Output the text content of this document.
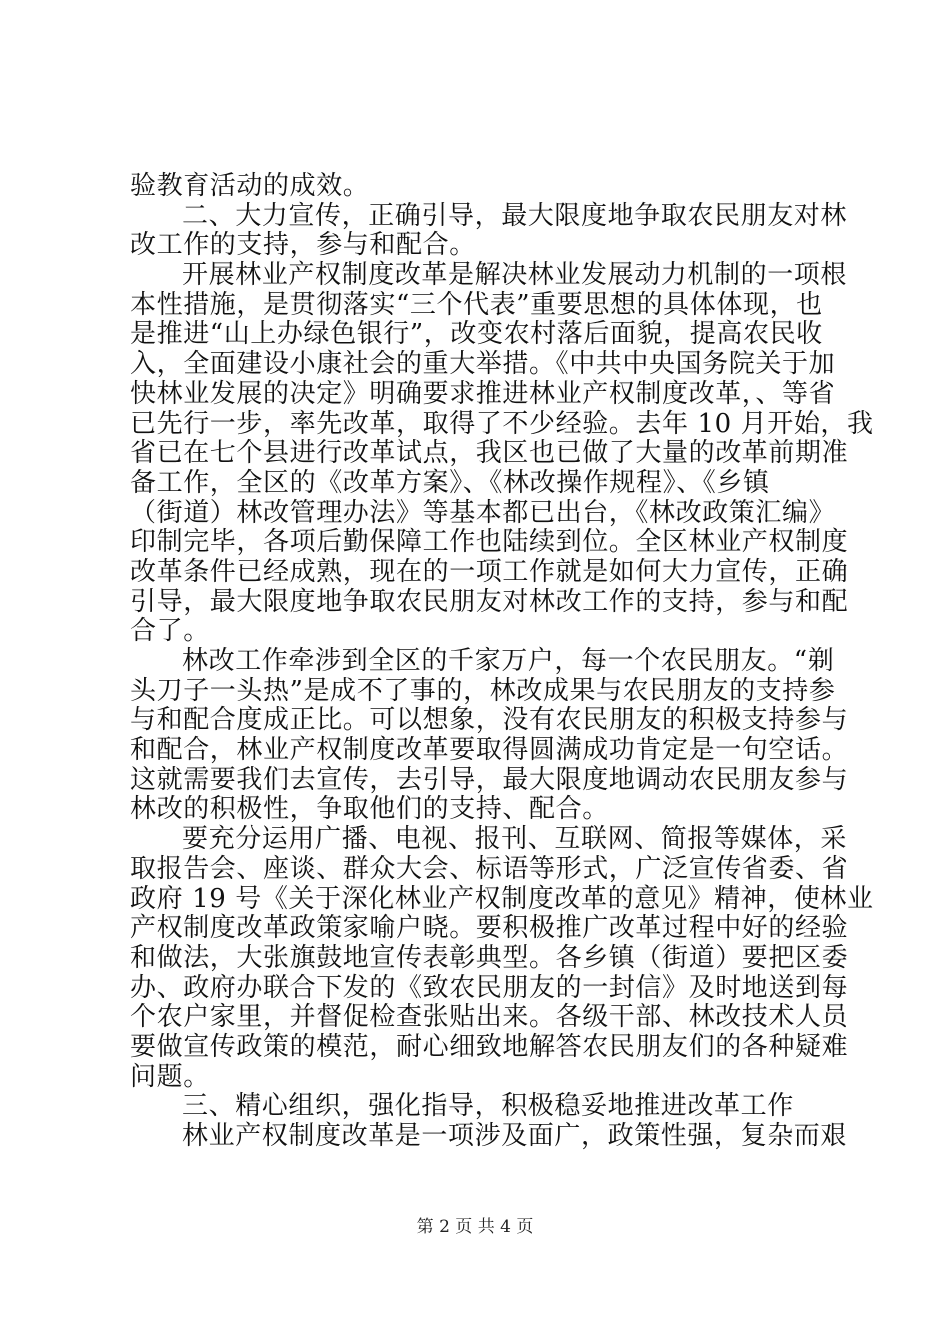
验教育活动的成效。
二、大力宣传，正确引导，最大限度地争取农民朋友对林
改工作的支持，参与和配合。
开展林业产权制度改革是解决林业发展动力机制的一项根
本性措施，是贯彻落实“三个代表”重要思想的具体体现，也
是推进“山上办绿色银行”，改变农村落后面貌，提高农民收
入，全面建设小康社会的重大举措。《中共中央国务院关于加
快林业发展的决定》明确要求推进林业产权制度改革，、等省
已先行一步，率先改革，取得了不少经验。去年 10 月开始，我
省已在七个县进行改革试点，我区也已做了大量的改革前期准
备工作，全区的《改革方案》、《林改操作规程》、《乡镇
（街道）林改管理办法》等基本都已出台，《林改政策汇编》
印制完毕，各项后勤保障工作也陆续到位。全区林业产权制度
改革条件已经成熟，现在的一项工作就是如何大力宣传，正确
引导，最大限度地争取农民朋友对林改工作的支持，参与和配
合了。
林改工作牵涉到全区的千家万户，每一个农民朋友。“剃
头刀子一头热”是成不了事的，林改成果与农民朋友的支持参
与和配合度成正比。可以想象，没有农民朋友的积极支持参与
和配合，林业产权制度改革要取得圆满成功肯定是一句空话。
这就需要我们去宣传，去引导，最大限度地调动农民朋友参与
林改的积极性，争取他们的支持、配合。
要充分运用广播、电视、报刊、互联网、简报等媒体，采
取报告会、座谈、群众大会、标语等形式，广泛宣传省委、省
政府 19 号《关于深化林业产权制度改革的意见》精神，使林业
产权制度改革政策家喻户晓。要积极推广改革过程中好的经验
和做法，大张旗鼓地宣传表彰典型。各乡镇（街道）要把区委
办、政府办联合下发的《致农民朋友的一封信》及时地送到每
个农户家里，并督促检查张贴出来。各级干部、林改技术人员
要做宣传政策的模范，耐心细致地解答农民朋友们的各种疑难
问题。
三、精心组织，强化指导，积极稳妥地推进改革工作
林业产权制度改革是一项涉及面广，政策性强，复杂而艰
第 2 页 共 4 页
